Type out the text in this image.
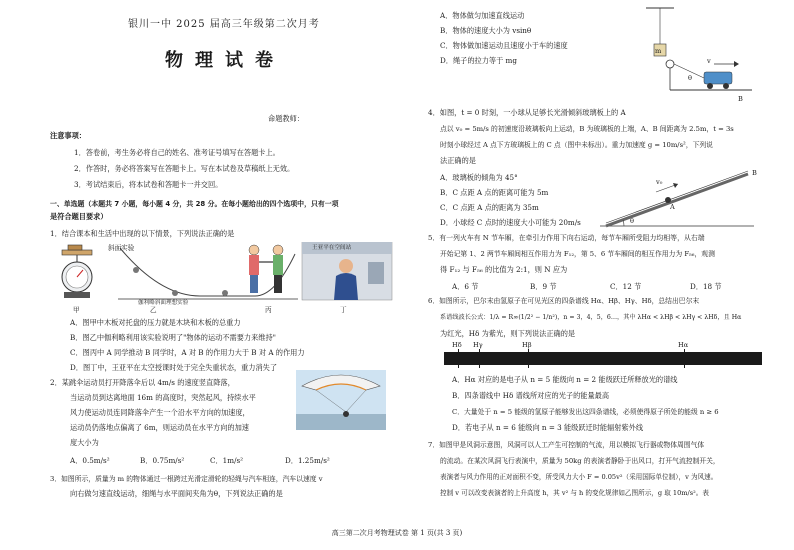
银川一中 2025 届高三年级第二次月考
物理试卷
命题教师：
注意事项：
1．答卷前，考生务必将自己的姓名、准考证号填写在答题卡上。
2．作答时，务必将答案写在答题卡上。写在本试卷及草稿纸上无效。
3．考试结束后，将本试卷和答题卡一并交回。
一、单选题（本题共 7 小题，每小题 4 分，共 28 分。在每小题给出的四个选项中，只有一项
是符合题目要求）
1．结合课本和生活中出现的以下情景，下列说法正确的是
斜面实验
伽利略斜面理想实验
王亚平在空间站
甲	乙	丙	丁
A．图甲中木板对托盘的压力就是木块和木板的总重力
B．图乙中伽利略利用该实验说明了"物体的运动不需要力来维持"
C．图丙中 A 同学推动 B 同学时，A 对 B 的作用力大于 B 对 A 的作用力
D．图丁中，王亚平在太空授课时处于完全失重状态，重力消失了
2．某跳伞运动员打开降落伞后以 4m/s 的速度竖直降落，
当运动员到达离地面 16m 的高度时，突然起风，持续水平
风力使运动员连同降落伞产生一个沿水平方向的加速度，
运动员仍落地点偏离了 6m，则运动员在水平方向的加速
度大小为
A．0.5m/s²	B．0.75m/s²	C．1m/s²	D．1.25m/s²
3．如图所示，质量为 m 的物体通过一根跨过光滑定滑轮的轻绳与汽车相连，汽车以速度 v
向右做匀速直线运动，细绳与水平面间夹角为θ，下列说法正确的是
A．物体做匀加速直线运动
B．物体的速度大小为 vsinθ
C．物体做加速运动且速度小于车的速度
D．绳子的拉力等于 mg	v
θ
B
m
4．如图，t = 0 时刻，一小球从足够长光滑倾斜玻璃板上的 A
点以 v₀ = 5m/s 的初速度沿玻璃板向上运动，B 为玻璃板的上端，A、B 间距离为 2.5m，t = 3s
时刻小球经过 A 点下方玻璃板上的 C 点（图中未标出）。重力加速度 g = 10m/s²，下列说
法正确的是
A．玻璃板的倾角为 45°
B．C 点距 A 点的距离可能为 5m
C．C 点距 A 点的距离为 35m
D．小球经 C 点时的速度大小可能为 20m/s
v₀
B
A
θ
5．有一列火车有 N 节车厢，在牵引力作用下向右运动，每节车厢所受阻力均相等，从右端
开始记第 1、2 两节车厢间相互作用力为 F₁₂，第 5、6 节车厢间的相互作用力为 F₅₆，观测
得 F₁₂ 与 F₅₆ 的比值为 2:1，则 N 应为
A．6 节	B．9 节	C．12 节	D．18 节
6．如图所示，巴尔末由氢原子在可见光区的四条谱线 Hα、Hβ、Hγ、Hδ，总结出巴尔末
系谱线波长公式：1/λ = R∞(1/2² − 1/n²)，n = 3，4，5，6…，其中 λHα < λHβ < λHγ < λHδ，且 Hα
为红光，Hδ 为紫光，则下列说法正确的是
Hδ Hγ	Hβ	Hα
A．Hα 对应的是电子从 n = 5 能级向 n = 2 能级跃迁所释放光的谱线
B．四条谱线中 Hδ 谱线所对应的光子的能量最高
C．大量处于 n = 5 能级的氢原子能够发出这四条谱线，必须使得原子所处的能级 n ≥ 6
D．若电子从 n = 6 能级向 n = 3 能级跃迁时能辐射紫外线
7．如图甲是风洞示意图，风洞可以人工产生可控制的气流，用以模拟飞行器或物体周围气体
的流动。在某次风洞飞行表演中，质量为 50kg 的表演者静卧于出风口，打开气流控制开关，
表演者与风力作用的正对面积不变，所受风力大小 F = 0.05v²（采用国际单位制），v 为风速。
控制 v 可以改变表演者的上升高度 h，其 v² 与 h 的变化规律如乙图所示，g 取 10m/s²。表
高三第二次月考物理试卷 第 1 页(共 3 页)
